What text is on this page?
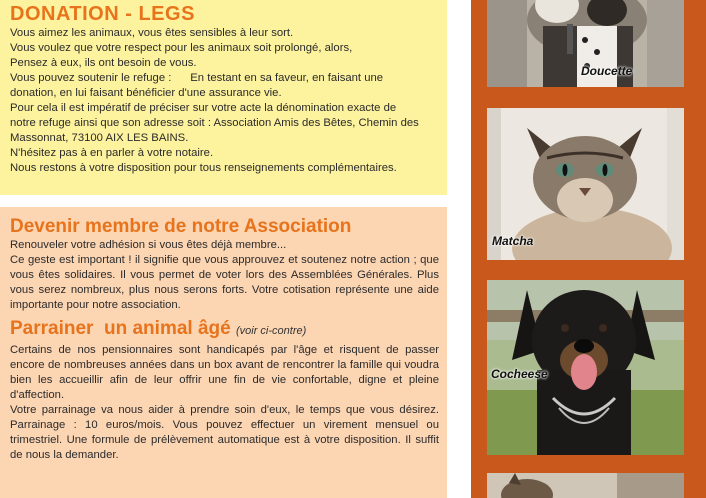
DONATION - LEGS

Vous aimez les animaux, vous êtes sensibles à leur sort.

Vous voulez que votre respect pour les animaux soit prolongé, alors,

Pensez à eux, ils ont besoin de vous.

Vous pouvez soutenir le refuge :      En testant en sa faveur, en faisant une

donation, en lui faisant bénéficier d'une assurance vie.

Pour cela il est impératif de préciser sur votre acte la dénomination exacte de

notre refuge ainsi que son adresse soit : Association Amis des Bêtes, Chemin des

Massonnat, 73100 AIX LES BAINS.

N'hésitez pas à en parler à votre notaire.

Nous restons à votre disposition pour tous renseignements complémentaires.

Devenir membre de notre Association

Renouveler votre adhésion si vous êtes déjà membre...

Ce geste est important ! il signifie que vous approuvez et soutenez notre action ; que vous êtes solidaires. Il vous permet de voter lors des Assemblées Générales. Plus vous serez nombreux, plus nous serons forts. Votre cotisation représente une aide importante pour notre association.

Parrainer  un animal âgé (voir ci-contre)

Certains de nos pensionnaires sont handicapés par l'âge et risquent de passer encore de nombreuses années dans un box avant de rencontrer la famille qui voudra bien les accueillir afin de leur offrir une fin de vie confortable, digne et pleine d'affection.

Votre parrainage va nous aider à prendre soin d'eux, le temps que vous désirez. Parrainage : 10 euros/mois. Vous pouvez effectuer un virement mensuel ou trimestriel. Une formule de prélèvement automatique est à votre disposition. Il suffit de nous la demander.

Doucette
Matcha
Cocheese
